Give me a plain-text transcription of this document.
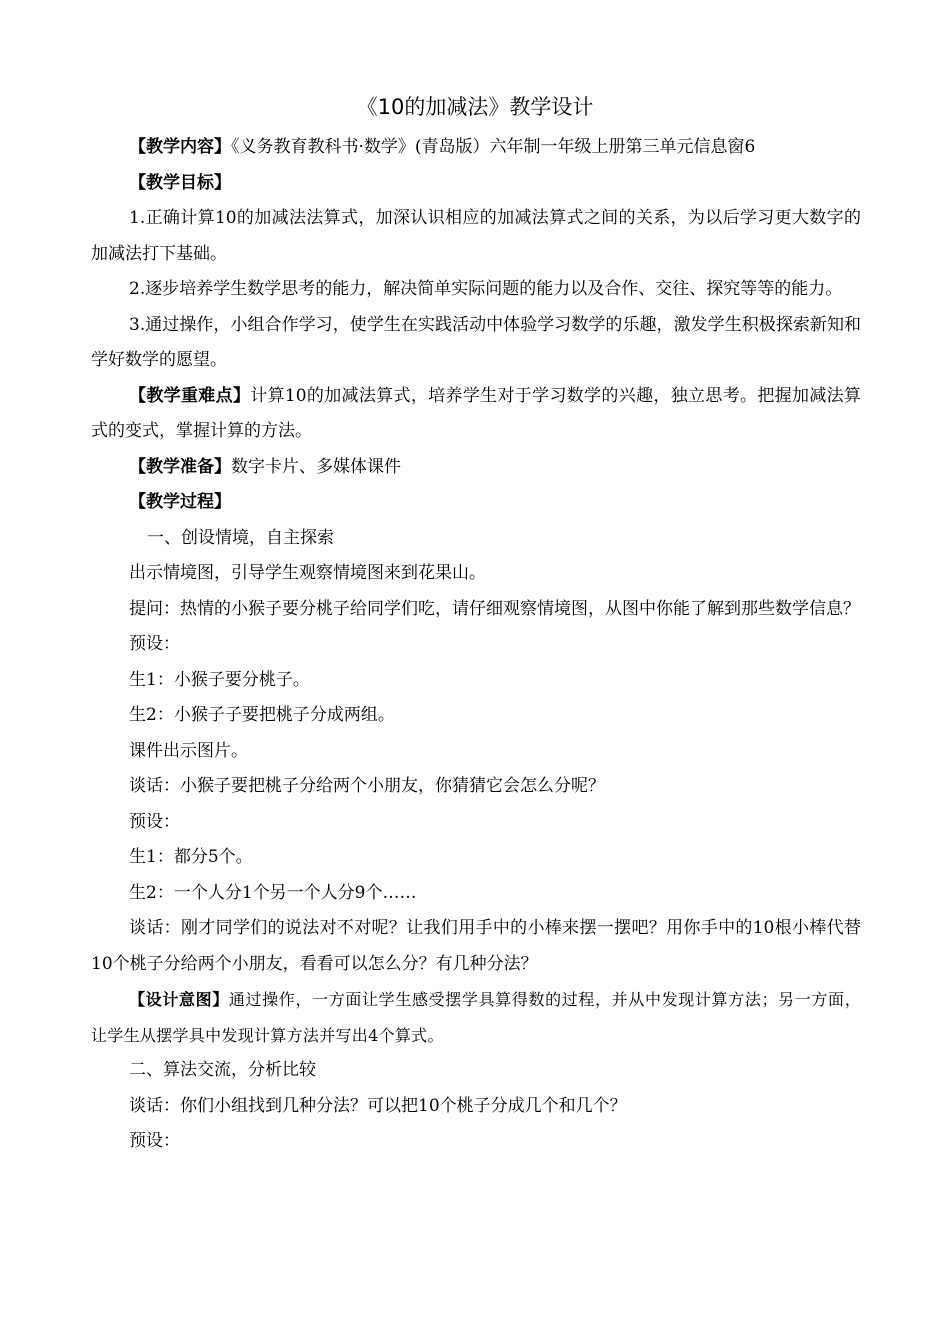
《10的加减法》教学设计

【教学内容】《义务教育教科书·数学》(青岛版）六年制一年级上册第三单元信息窗6

【教学目标】

1.正确计算10的加减法法算式，加深认识相应的加减法算式之间的关系，为以后学习更大数字的加减法打下基础。

2.逐步培养学生数学思考的能力，解决简单实际问题的能力以及合作、交往、探究等等的能力。

3.通过操作，小组合作学习，使学生在实践活动中体验学习数学的乐趣，激发学生积极探索新知和学好数学的愿望。

【教学重难点】计算10的加减法算式，培养学生对于学习数学的兴趣，独立思考。把握加减法算式的变式，掌握计算的方法。

【教学准备】数字卡片、多媒体课件

【教学过程】

一、创设情境，自主探索

出示情境图，引导学生观察情境图来到花果山。

提问：热情的小猴子要分桃子给同学们吃，请仔细观察情境图，从图中你能了解到那些数学信息？

预设：

生1：小猴子要分桃子。

生2：小猴子子要把桃子分成两组。

课件出示图片。

谈话：小猴子要把桃子分给两个小朋友，你猜猜它会怎么分呢？

预设：

生1：都分5个。

生2：一个人分1个另一个人分9个……

谈话：刚才同学们的说法对不对呢？让我们用手中的小棒来摆一摆吧？用你手中的10根小棒代替10个桃子分给两个小朋友，看看可以怎么分？有几种分法？

【设计意图】通过操作，一方面让学生感受摆学具算得数的过程，并从中发现计算方法；另一方面，让学生从摆学具中发现计算方法并写出4个算式。

二、算法交流，分析比较

谈话：你们小组找到几种分法？可以把10个桃子分成几个和几个？

预设：
